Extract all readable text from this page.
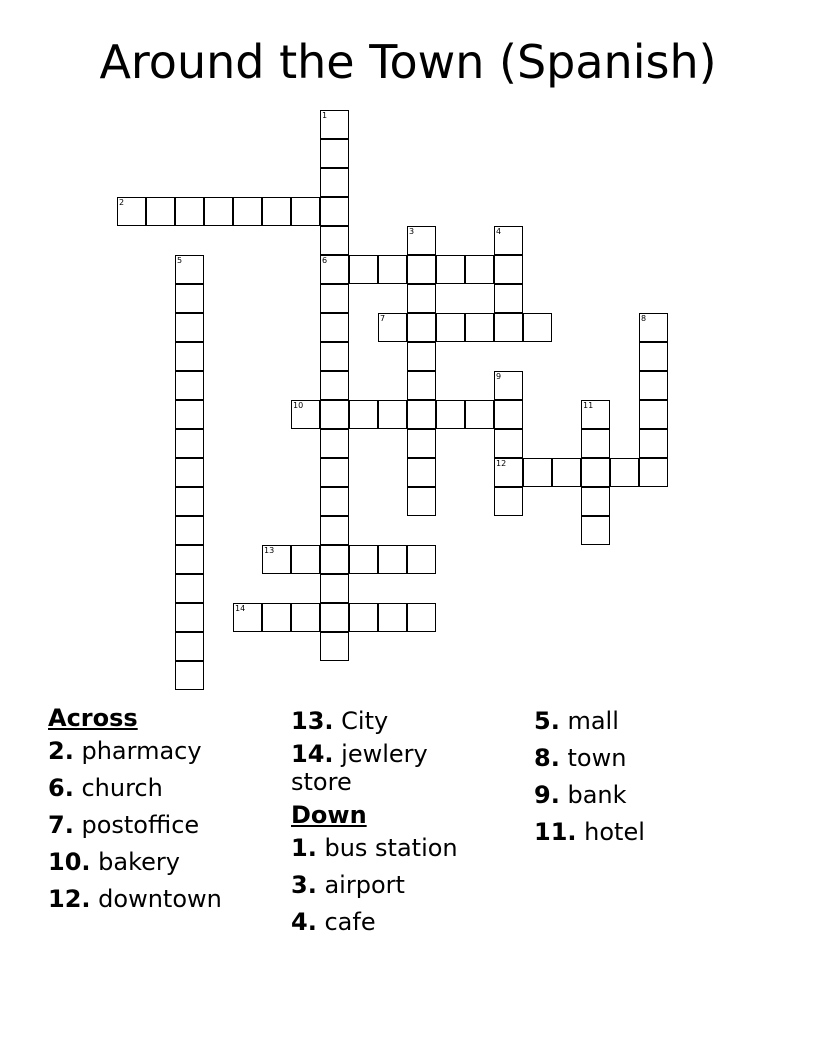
Around the Town (Spanish)
1
6
2
3	4
5
7	8
9
12
10	11
13
14
Across
2. pharmacy
6. church
7. postoffice
10. bakery
12. downtown
13. City
14. jewlery store
Down
1. bus station
3. airport
4. cafe
5. mall
8. town
9. bank
11. hotel
